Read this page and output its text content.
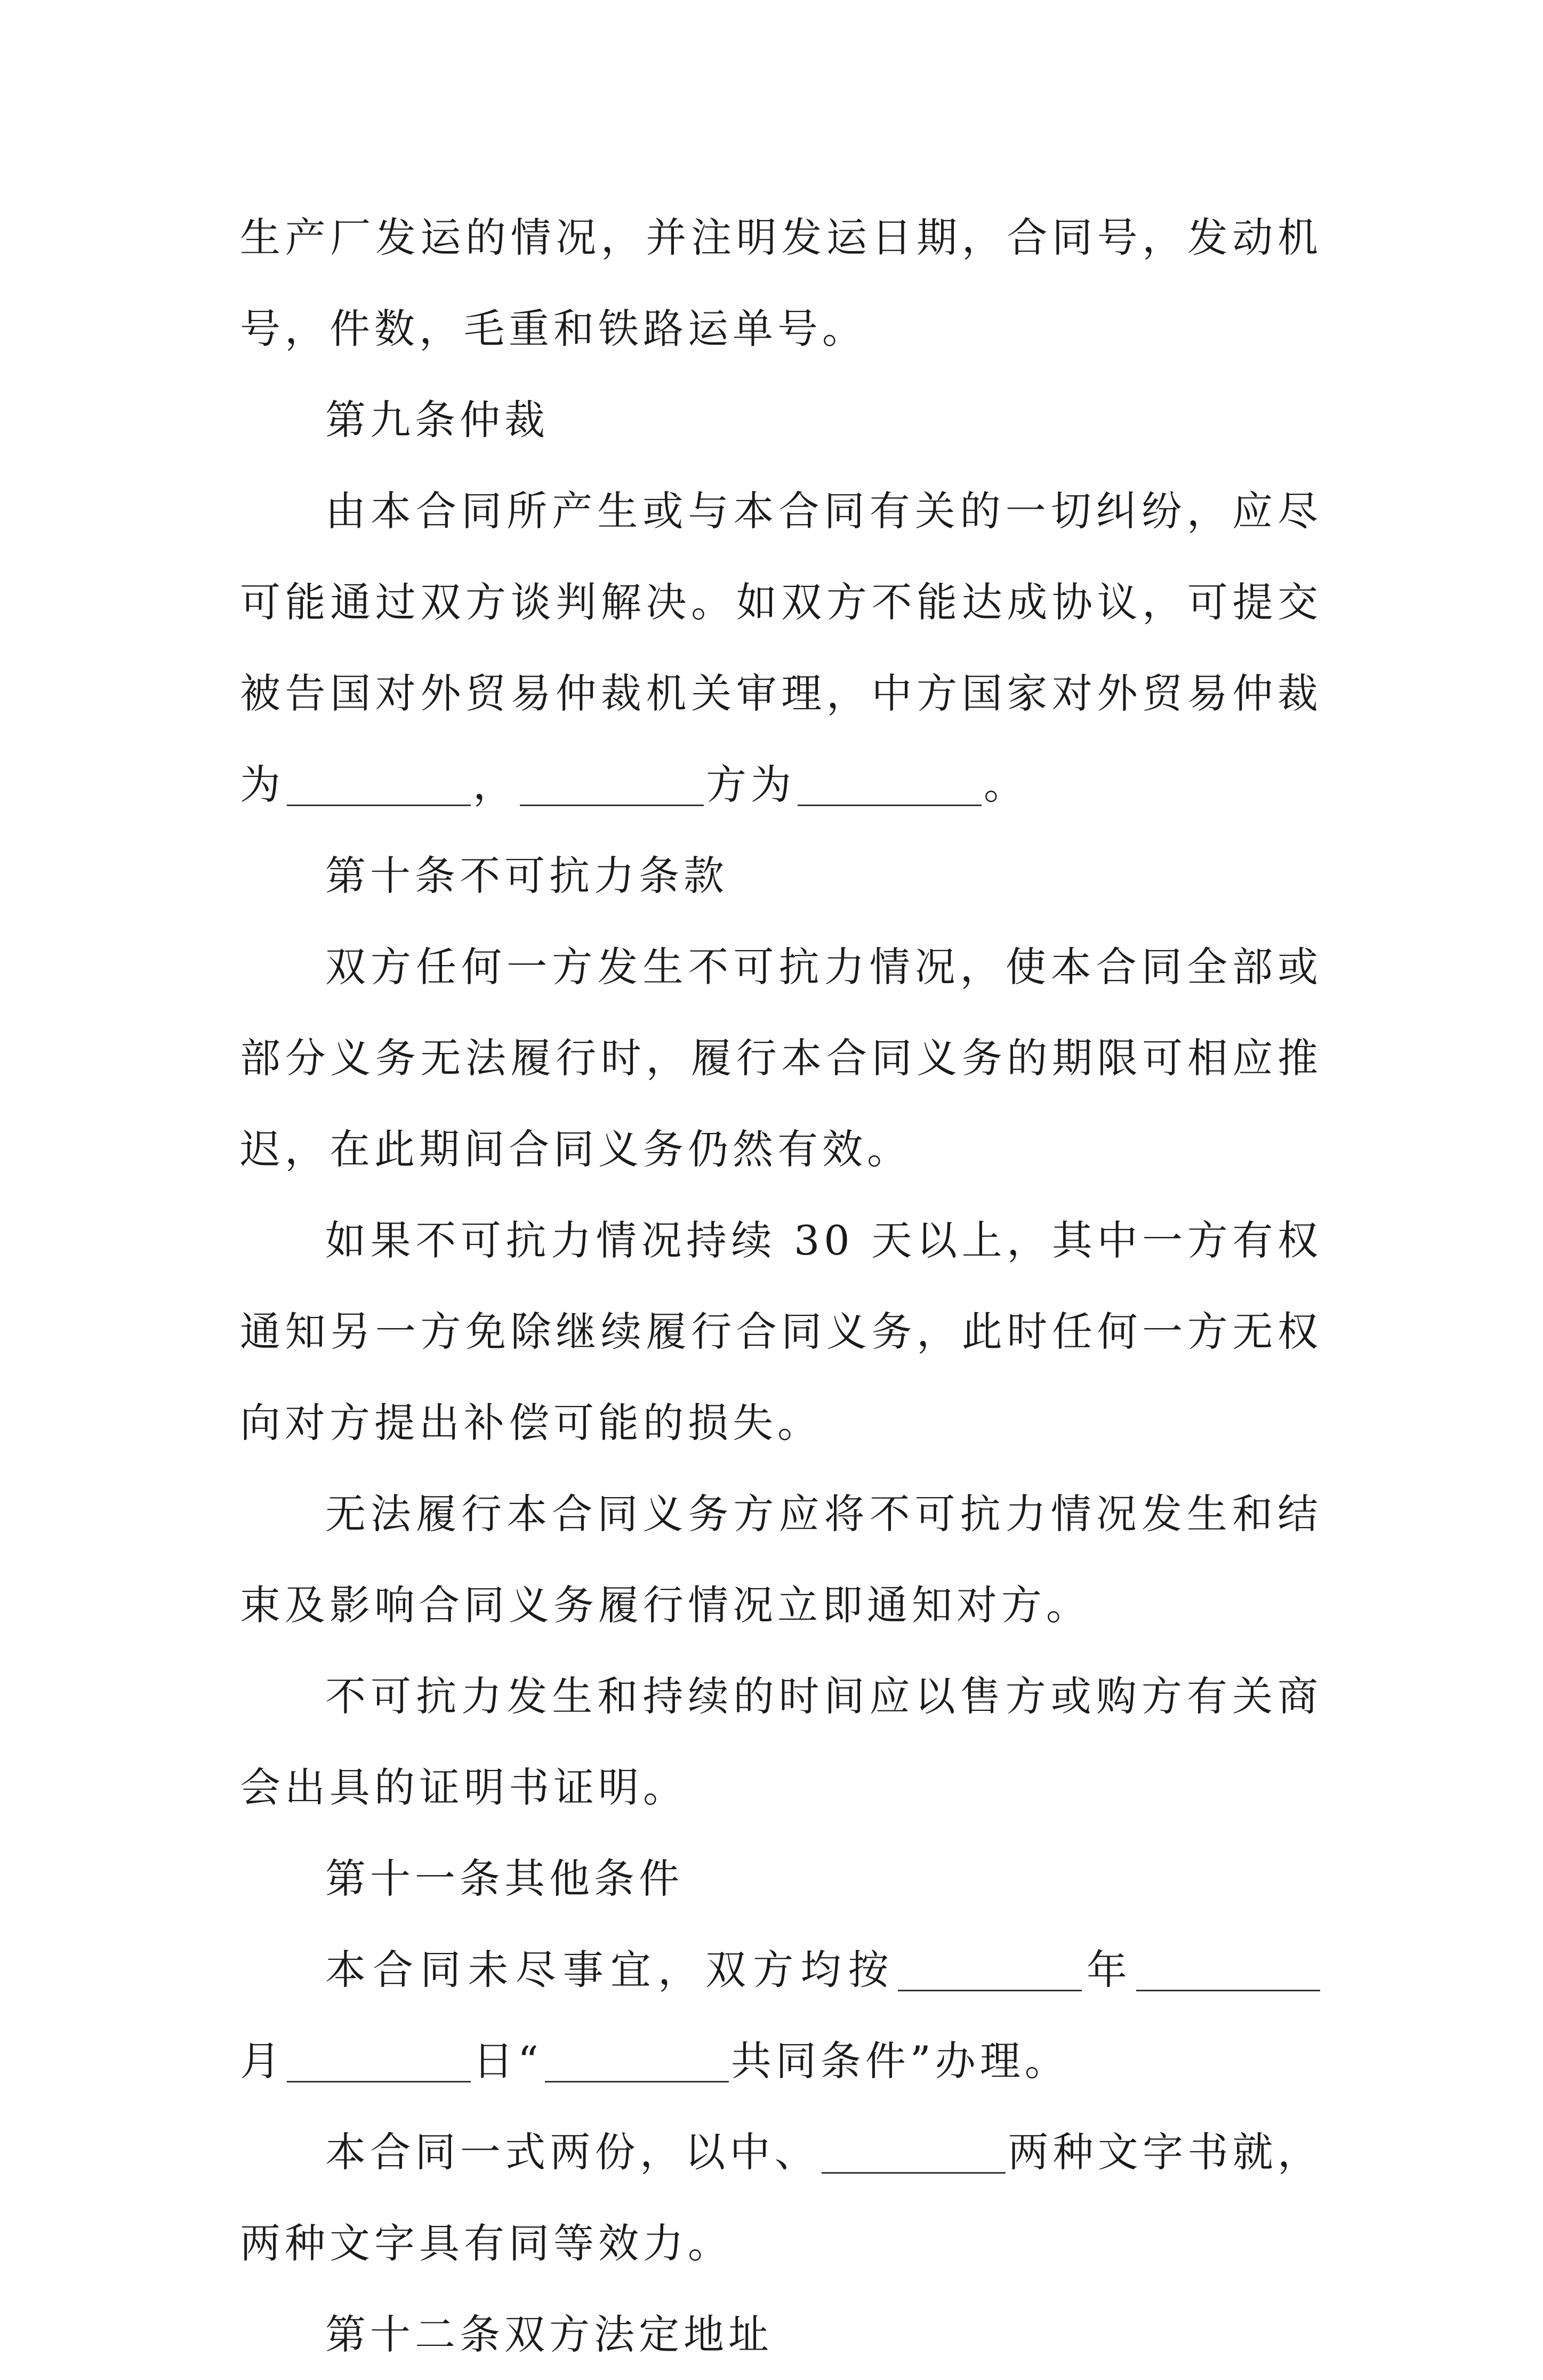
生产厂发运的情况，并注明发运日期，合同号，发动机号，件数，毛重和铁路运单号。

第九条仲裁

由本合同所产生或与本合同有关的一切纠纷，应尽可能通过双方谈判解决。如双方不能达成协议，可提交被告国对外贸易仲裁机关审理，中方国家对外贸易仲裁为	，	方为	。

第十条不可抗力条款

双方任何一方发生不可抗力情况，使本合同全部或部分义务无法履行时，履行本合同义务的期限可相应推迟，在此期间合同义务仍然有效。

如果不可抗力情况持续 30 天以上，其中一方有权通知另一方免除继续履行合同义务，此时任何一方无权向对方提出补偿可能的损失。

无法履行本合同义务方应将不可抗力情况发生和结束及影响合同义务履行情况立即通知对方。

不可抗力发生和持续的时间应以售方或购方有关商会出具的证明书证明。

第十一条其他条件

本合同未尽事宜，双方均按	年月	日“	共同条件”办理。

本合同一式两份，以中、	两种文字书就，两种文字具有同等效力。

第十二条双方法定地址
